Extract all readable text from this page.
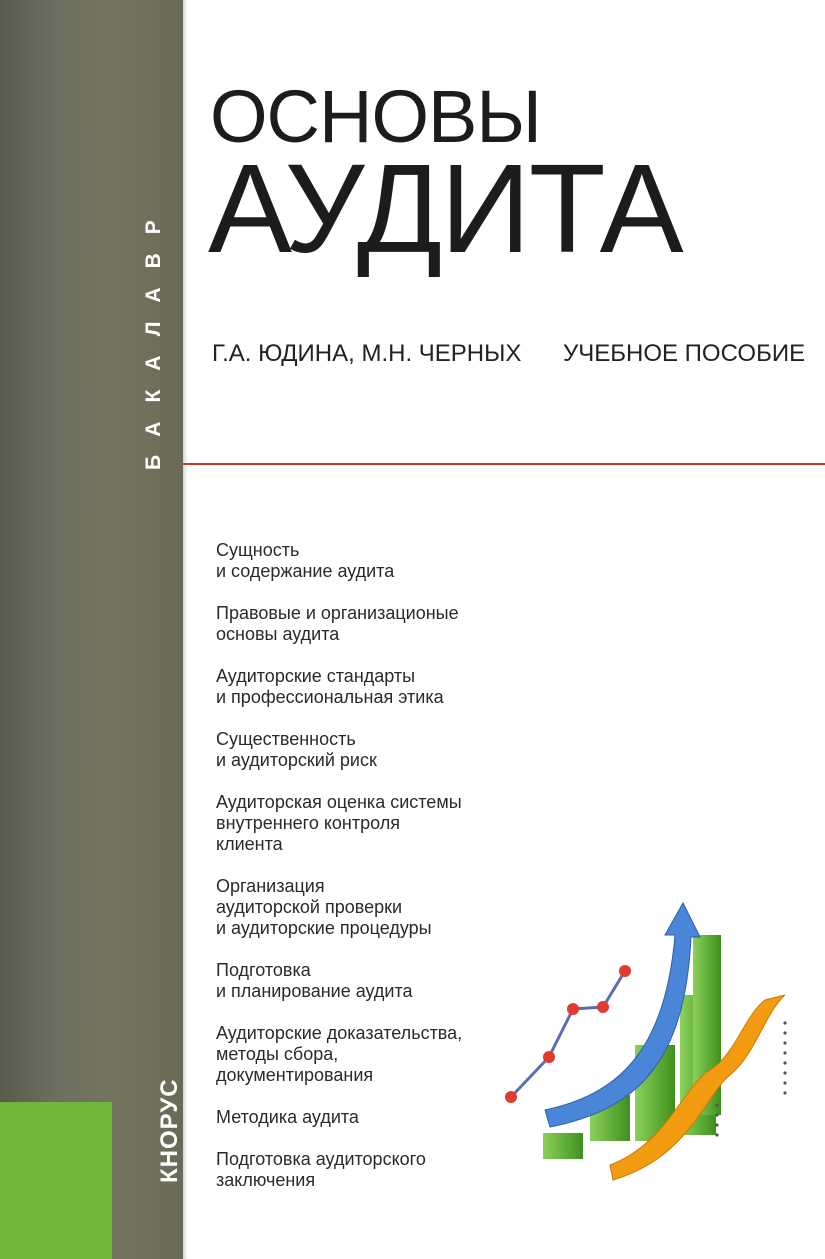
БАКАЛАВР
КНОРУС
ОСНОВЫ
АУДИТА
Г.А. ЮДИНА, М.Н. ЧЕРНЫХ УЧЕБНОЕ ПОСОБИЕ
Сущность
и содержание аудита
Правовые и организационые
основы аудита
Аудиторские стандарты
и профессиональная этика
Существенность
и аудиторский риск
Аудиторская оценка системы
внутреннего контроля
клиента
Организация
аудиторской проверки
и аудиторские процедуры
Подготовка
и планирование аудита
Аудиторские доказательства,
методы сбора,
документирования
Методика аудита
Подготовка аудиторского
заключения
